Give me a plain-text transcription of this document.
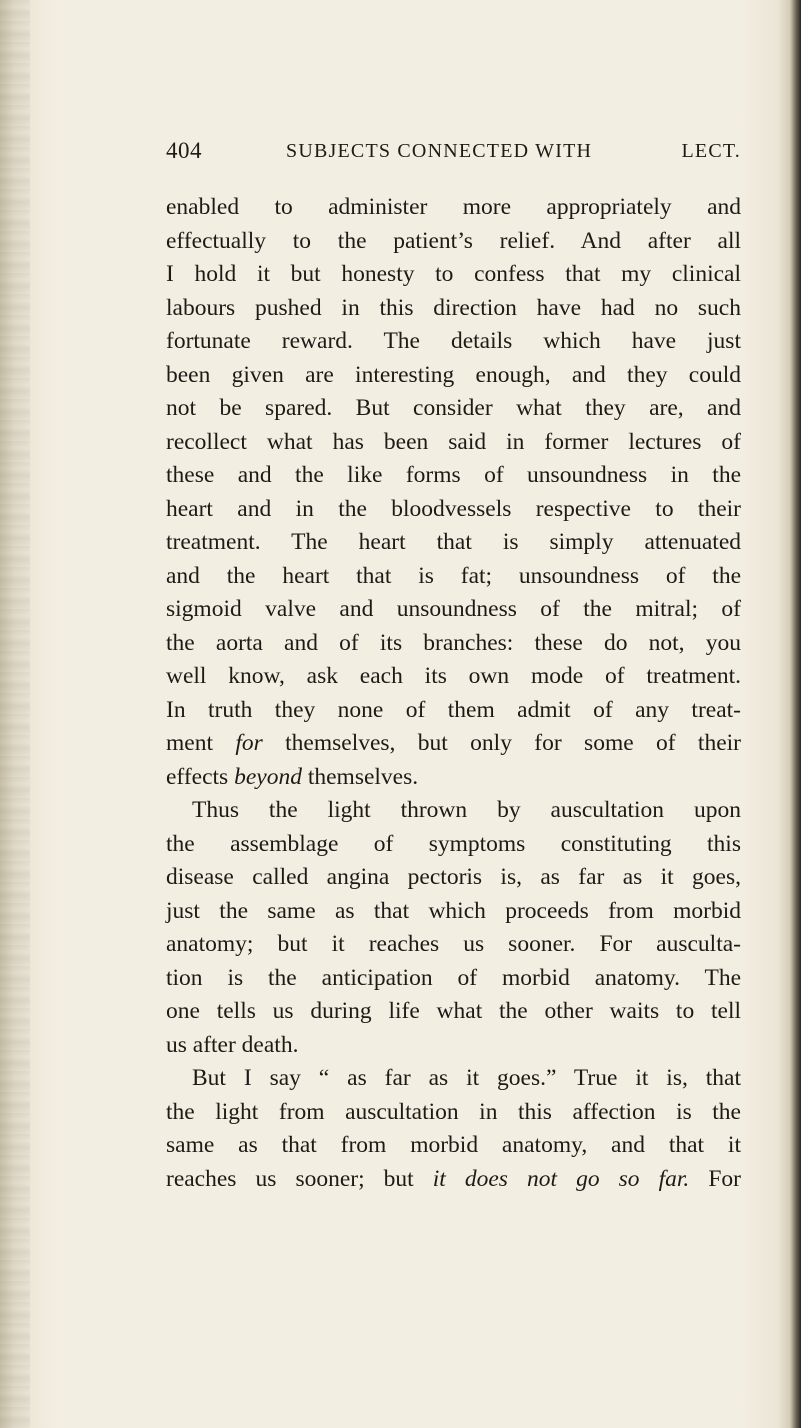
404	SUBJECTS CONNECTED WITH	LECT.
enabled to administer more appropriately and
effectually to the patient’s relief. And after all
I hold it but honesty to confess that my clinical
labours pushed in this direction have had no such
fortunate reward. The details which have just
been given are interesting enough, and they could
not be spared. But consider what they are, and
recollect what has been said in former lectures of
these and the like forms of unsoundness in the
heart and in the bloodvessels respective to their
treatment. The heart that is simply attenuated
and the heart that is fat; unsoundness of the
sigmoid valve and unsoundness of the mitral; of
the aorta and of its branches: these do not, you
well know, ask each its own mode of treatment.
In truth they none of them admit of any treat-
ment for themselves, but only for some of their
effects beyond themselves.
Thus the light thrown by auscultation upon
the assemblage of symptoms constituting this
disease called angina pectoris is, as far as it goes,
just the same as that which proceeds from morbid
anatomy; but it reaches us sooner. For ausculta-
tion is the anticipation of morbid anatomy. The
one tells us during life what the other waits to tell
us after death.
But I say “ as far as it goes.” True it is, that
the light from auscultation in this affection is the
same as that from morbid anatomy, and that it
reaches us sooner; but it does not go so far. For
